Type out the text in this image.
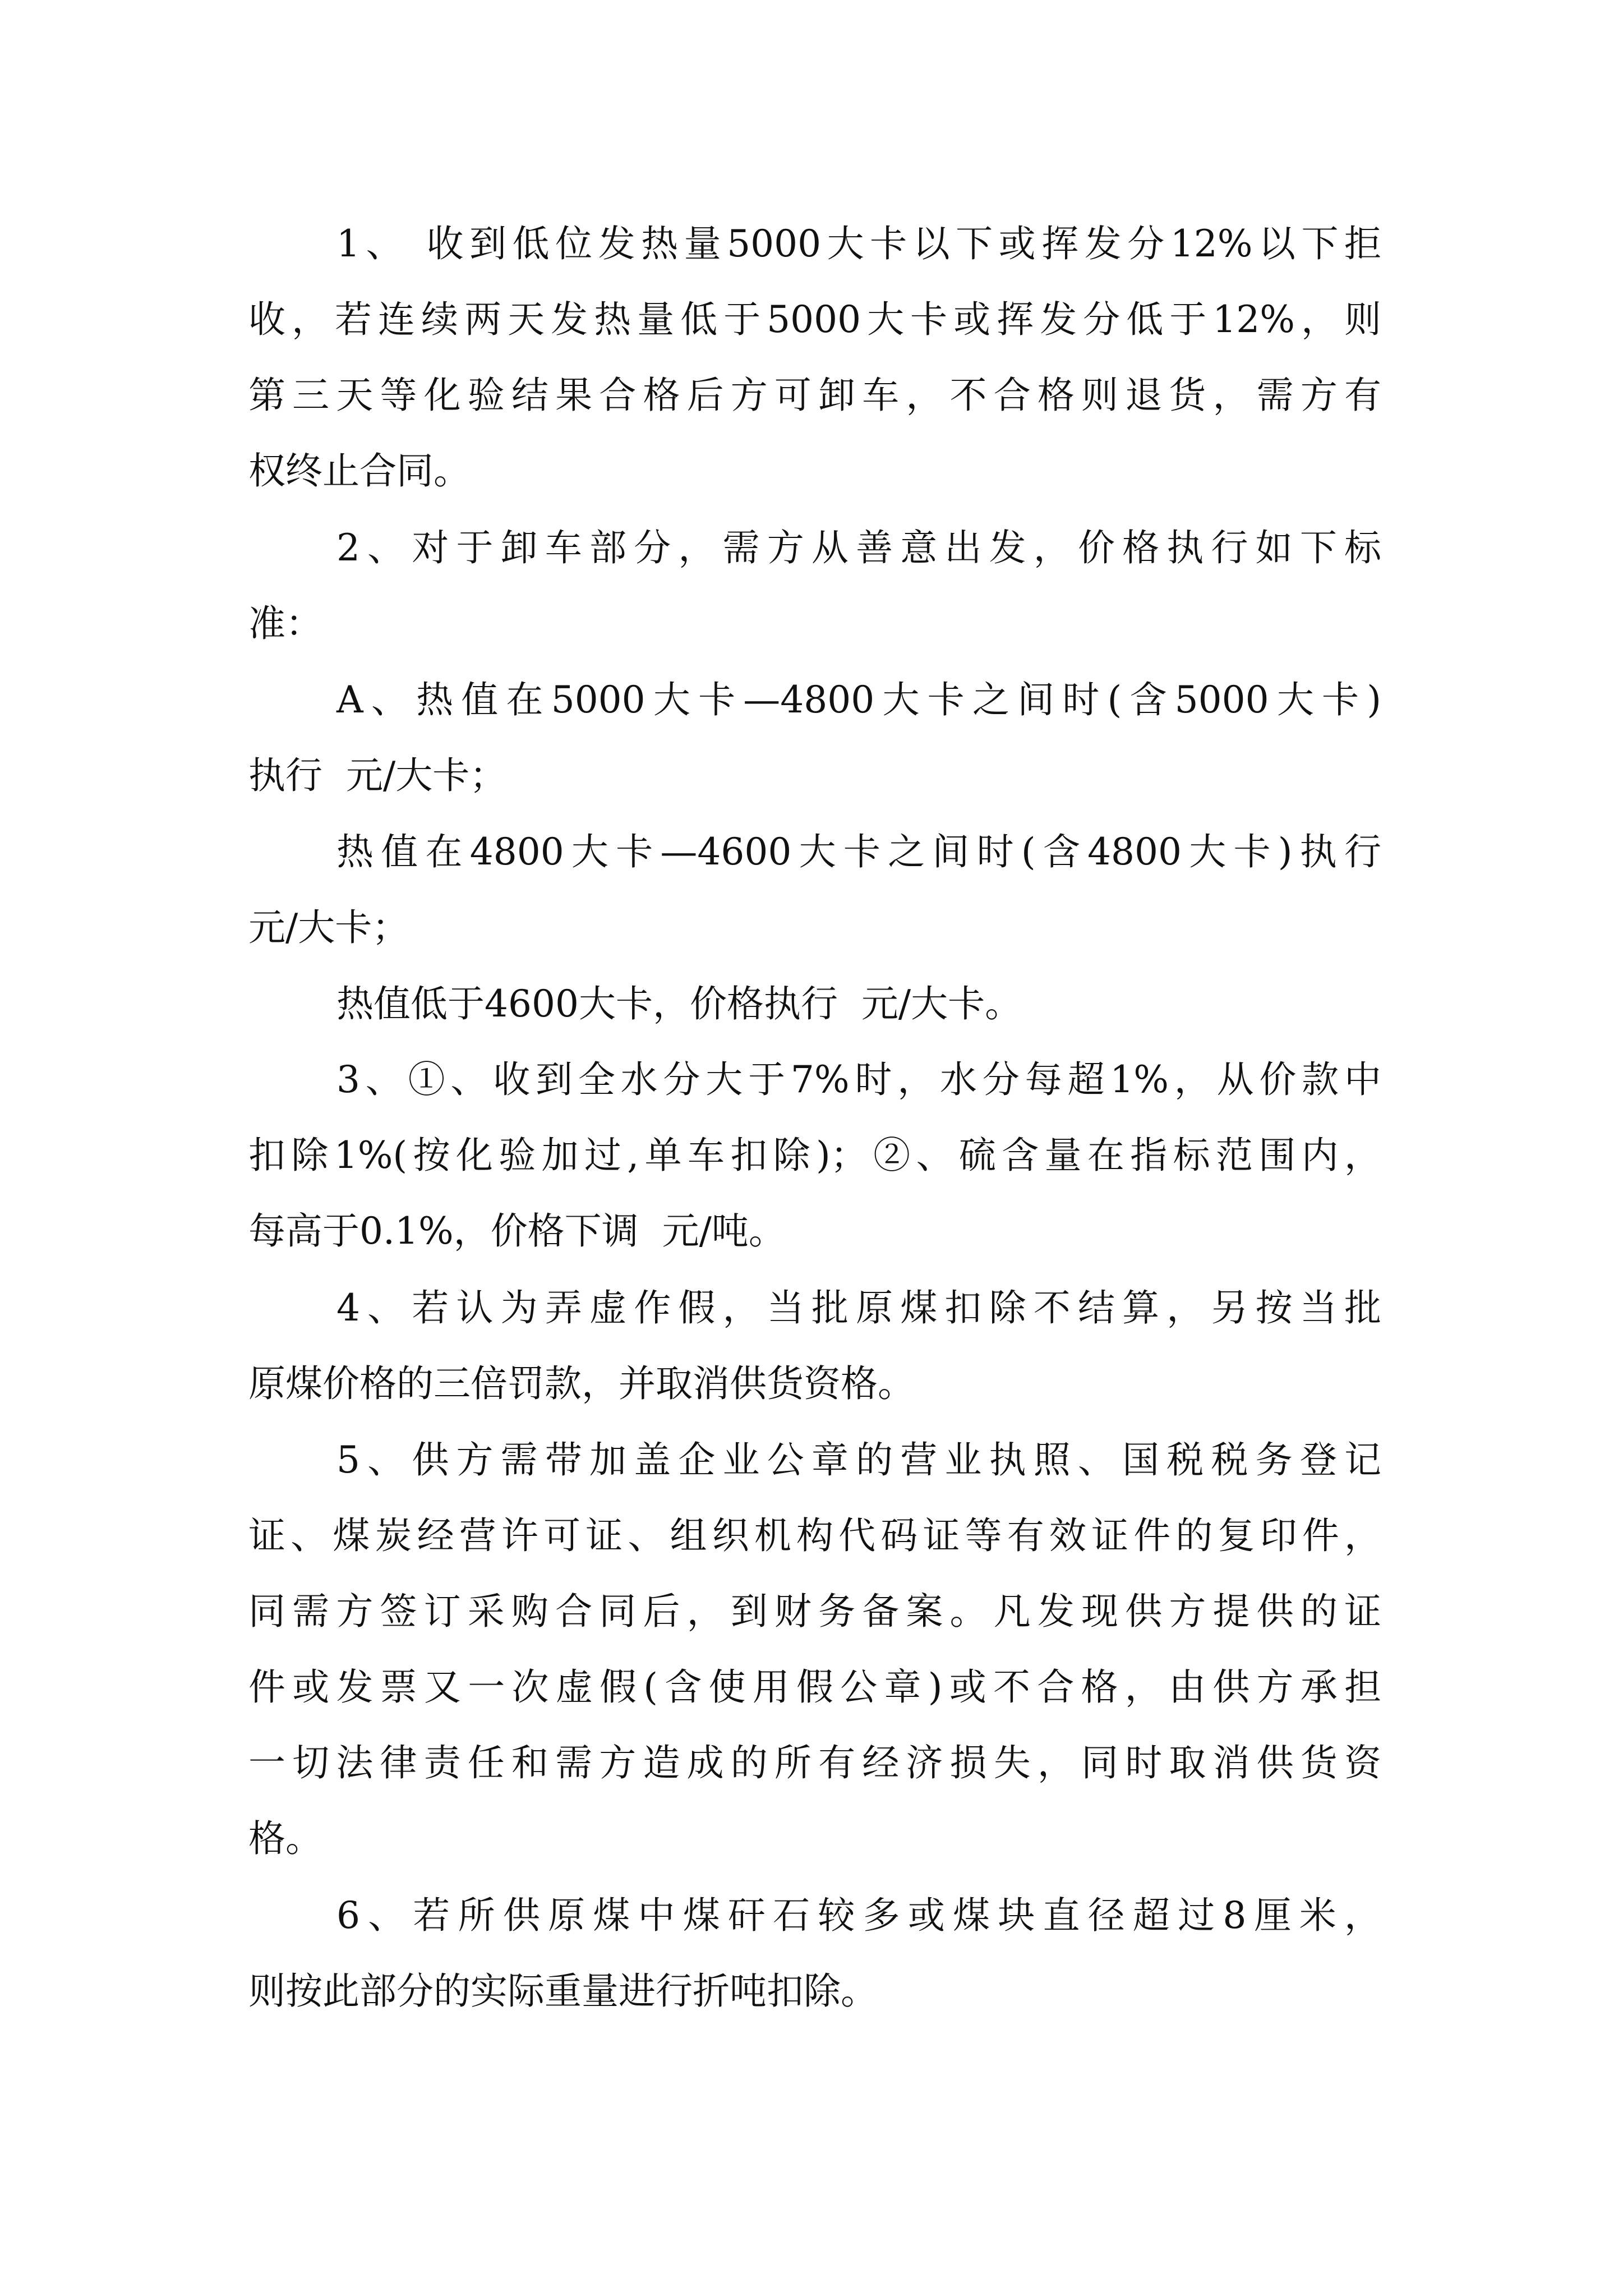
1、 收到低位发热量5000大卡以下或挥发分12%以下拒
收，若连续两天发热量低于5000大卡或挥发分低于12%，则
第三天等化验结果合格后方可卸车，不合格则退货，需方有
权终止合同。
2、对于卸车部分，需方从善意出发，价格执行如下标
准：
A、热值在5000大卡—4800大卡之间时(含5000大卡)
执行  元/大卡；
热值在4800大卡—4600大卡之间时(含4800大卡)执行
元/大卡；
热值低于4600大卡，价格执行  元/大卡。
3、①、收到全水分大于7%时，水分每超1%，从价款中
扣除1%(按化验加过,单车扣除)；②、硫含量在指标范围内，
每高于0.1%，价格下调  元/吨。
4、若认为弄虚作假，当批原煤扣除不结算，另按当批
原煤价格的三倍罚款，并取消供货资格。
5、供方需带加盖企业公章的营业执照、国税税务登记
证、煤炭经营许可证、组织机构代码证等有效证件的复印件，
同需方签订采购合同后，到财务备案。凡发现供方提供的证
件或发票又一次虚假(含使用假公章)或不合格，由供方承担
一切法律责任和需方造成的所有经济损失，同时取消供货资
格。
6、若所供原煤中煤矸石较多或煤块直径超过8厘米，
则按此部分的实际重量进行折吨扣除。
